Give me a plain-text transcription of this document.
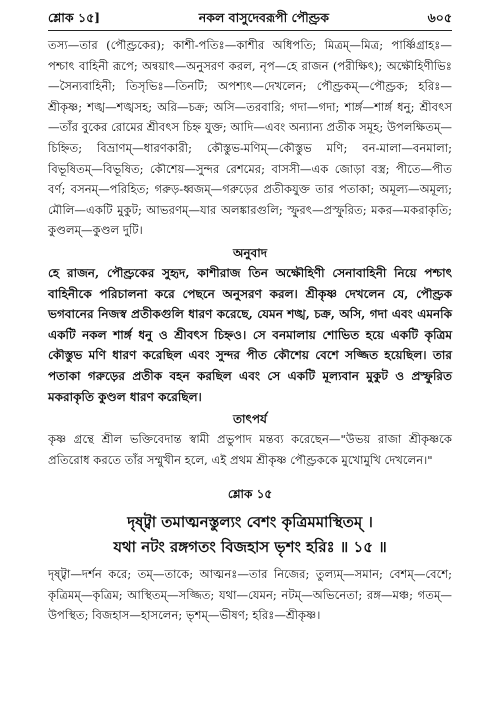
শ্লোক ১৫]	নকল বাসুদেবরূপী পৌণ্ড্রক	৬০৫

তস্য—তার (পৌণ্ড্রকের); কাশী-পতিঃ—কাশীর অধিপতি; মিত্রম্—মিত্র; পার্ষ্ণিগ্রাহঃ—পশ্চাৎ বাহিনী রূপে; অন্বয়াৎ—অনুসরণ করল, নৃপ—হে রাজন (পরীক্ষিৎ); অক্ষৌহিণীভিঃ—সৈন্যবাহিনী; তিসৃভিঃ—তিনটি; অপশ্যৎ—দেখলেন; পৌণ্ড্রকম্—পৌণ্ড্রক; হরিঃ—শ্রীকৃষ্ণ; শঙ্খ—শঙ্খসহ; অরি—চক্র; অসি—তরবারি; গদা—গদা; শার্ঙ্গ—শার্ঙ্গ ধনু; শ্রীবৎস—তাঁর বুকের রোমের শ্রীবৎস চিহ্ন যুক্ত; আদি—এবং অন্যান্য প্রতীক সমূহ; উপলক্ষিতম্—চিহ্নিত; বিভ্রাণম্—ধারণকারী; কৌস্তুভ-মণিম্—কৌস্তুভ মণি; বন-মালা—বনমালা; বিভূষিতম্—বিভূষিত; কৌশেয়—সুন্দর রেশমের; বাসসী—এক জোড়া বস্ত্র; পীতে—পীত বর্ণ; বসনম্—পরিহিত; গরুড়-ধ্বজম্—গরুড়ের প্রতীকযুক্ত তার পতাকা; অমূল্য—অমূল্য; মৌলি—একটি মুকুট; আভরণম্—যার অলঙ্কারগুলি; স্ফুরৎ—প্রস্ফুরিত; মকর—মকরাকৃতি; কুণ্ডলম্—কুণ্ডল দুটি।

অনুবাদ

হে রাজন, পৌণ্ড্রকের সুহৃদ, কাশীরাজ তিন অক্ষৌহিণী সেনাবাহিনী নিয়ে পশ্চাৎ বাহিনীকে পরিচালনা করে পেছনে অনুসরণ করল। শ্রীকৃষ্ণ দেখলেন যে, পৌণ্ড্রক ভগবানের নিজস্ব প্রতীকগুলি ধারণ করেছে, যেমন শঙ্খ, চক্র, অসি, গদা এবং এমনকি একটি নকল শার্ঙ্গ ধনু ও শ্রীবৎস চিহ্নও। সে বনমালায় শোভিত হয়ে একটি কৃত্রিম কৌস্তুভ মণি ধারণ করেছিল এবং সুন্দর পীত কৌশেয় বেশে সজ্জিত হয়েছিল। তার পতাকা গরুড়ের প্রতীক বহন করছিল এবং সে একটি মূল্যবান মুকুট ও প্রস্ফুরিত মকরাকৃতি কুণ্ডল ধারণ করেছিল।

তাৎপর্য

কৃষ্ণ গ্রন্থে শ্রীল ভক্তিবেদান্ত স্বামী প্রভুপাদ মন্তব্য করেছেন—"উভয় রাজা শ্রীকৃষ্ণকে প্রতিরোধ করতে তাঁর সম্মুখীন হলে, এই প্রথম শ্রীকৃষ্ণ পৌণ্ড্রককে মুখোমুখি দেখলেন।"

শ্লোক ১৫

দৃষ্ট্বা তমাত্মনস্তুল্যং বেশং কৃত্রিমমাস্থিতম্ ।

যথা নটং রঙ্গগতং বিজহাস ভৃশং হরিঃ ॥ ১৫ ॥

দৃষ্ট্বা—দর্শন করে; তম্—তাকে; আত্মনঃ—তার নিজের; তুল্যম্—সমান; বেশম্—বেশে; কৃত্রিমম্—কৃত্রিম; আস্থিতম্—সজ্জিত; যথা—যেমন; নটম্—অভিনেতা; রঙ্গ—মঞ্চ; গতম্—উপস্থিত; বিজহাস—হাসলেন; ভৃশম্—ভীষণ; হরিঃ—শ্রীকৃষ্ণ।
